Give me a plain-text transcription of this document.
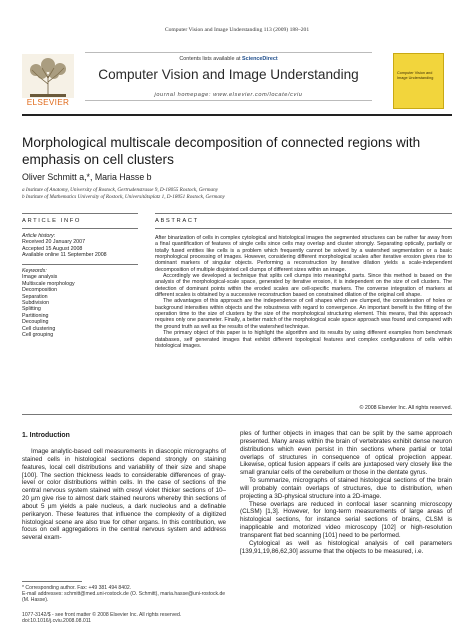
Computer Vision and Image Understanding 113 (2009) 188–201
ELSEVIER
Contents lists available at ScienceDirect
Computer Vision and Image Understanding
journal homepage: www.elsevier.com/locate/cviu
Computer Vision and Image Understanding
Morphological multiscale decomposition of connected regions with emphasis on cell clusters
Oliver Schmitt a,*, Maria Hasse b
a Institute of Anatomy, University of Rostock, Gertrudenstrasse 9, D-18055 Rostock, Germany
b Institute of Mathematics University of Rostock, Universitätsplatz 1, D-18051 Rostock, Germany
ARTICLE INFO	ABSTRACT
Article history:
Received 20 January 2007
Accepted 15 August 2008
Available online 11 September 2008
Keywords:
Image analysis
Multiscale morphology
Decomposition
Separation
Subdivision
Splitting
Partitioning
Decoupling
Cell clustering
Cell grouping

After binarization of cells in complex cytological and histological images the segmented structures can be rather far away from a final quantification of features of single cells since cells may overlap and cluster strongly. Separating optically, partially or totally fused entities like cells is a problem which frequently cannot be solved by a watershed segmentation or a basic morphological processing of images. However, considering different morphological scales after iterative erosion gives rise to dominant markers of singular objects. Performing a reconstruction by iterative dilation yields a scale-independent decomposition of multiple disjointed cell clumps of different sizes within an image.

Accordingly we developed a technique that splits cell clumps into meaningful parts. Since this method is based on the analysis of the morphological-scale space, generated by iterative erosion, it is independent on the size of cell clusters. The detection of dominant points within the eroded scales are cell-specific markers. The converse integration of markers at different scales is obtained by a successive reconstruction based on constrained dilation of the original cell shape.

The advantages of this approach are the independence of cell shapes which are clumped, the consideration of holes or background intensities within objects and the robustness with regard to convergence. An important benefit is the fitting of the operation time to the size of clusters by the size of the morphological structuring element. This means, that this approach requires only one parameter. Finally, a better match of the morphological scale space approach was found and compared with the ground truth as well as the results of the watershed technique.

The primary object of this paper is to highlight the algorithm and its results by using different examples from benchmark databases, self generated images that exhibit different topological features and complex configurations of cells within histological images.

© 2008 Elsevier Inc. All rights reserved.
1. Introduction

Image analytic-based cell measurements in diascopic micrographs of stained cells in histological sections depend strongly on staining features, local cell distributions and variability of their size and shape [100]. The section thickness leads to considerable differences of gray-level or color distributions within cells. In the case of sections of the central nervous system stained with cresyl violet thicker sections of 10–20 µm give rise to almost dark stained neurons whereby thin sections of about 5 µm yields a pale nucleus, a dark nucleolus and a definable perikaryon. These features that influence the complexity of a digitized histological scene are also true for other organs. In this contribution, we focus on cell aggregations in the central nervous system and address several exam-

ples of further objects in images that can be split by the same approach presented. Many areas within the brain of vertebrates exhibit dense neuron distributions which even persist in thin sections where partial or total overlaps of structures in consequence of optical projection appear. Likewise, optical fusion appears if cells are juxtaposed very closely like the small granular cells of the cerebellum or those in the dentate gyrus.

To summarize, micrographs of stained histological sections of the brain will probably contain overlaps of structures, due to distribution, when projecting a 3D-physical structure into a 2D-image.

These overlaps are reduced in confocal laser scanning microscopy (CLSM) [1,3]. However, for long-term measurements of large areas of histological sections, for instance serial sections of brains, CLSM is inapplicable and motorized video microscopy [102] or high-resolution transparent flat bed scanning [101] need to be performed.

Cytological as well as histological analysis of cell parameters [139,91,19,86,62,30] assume that the objects to be measured, i.e.

* Corresponding author. Fax: +49 381 494 8402.
E-mail addresses: schmitt@med.uni-rostock.de (O. Schmitt), maria.hasse@uni-rostock.de (M. Hasse).
1077-3142/$ - see front matter © 2008 Elsevier Inc. All rights reserved.
doi:10.1016/j.cviu.2008.08.011
